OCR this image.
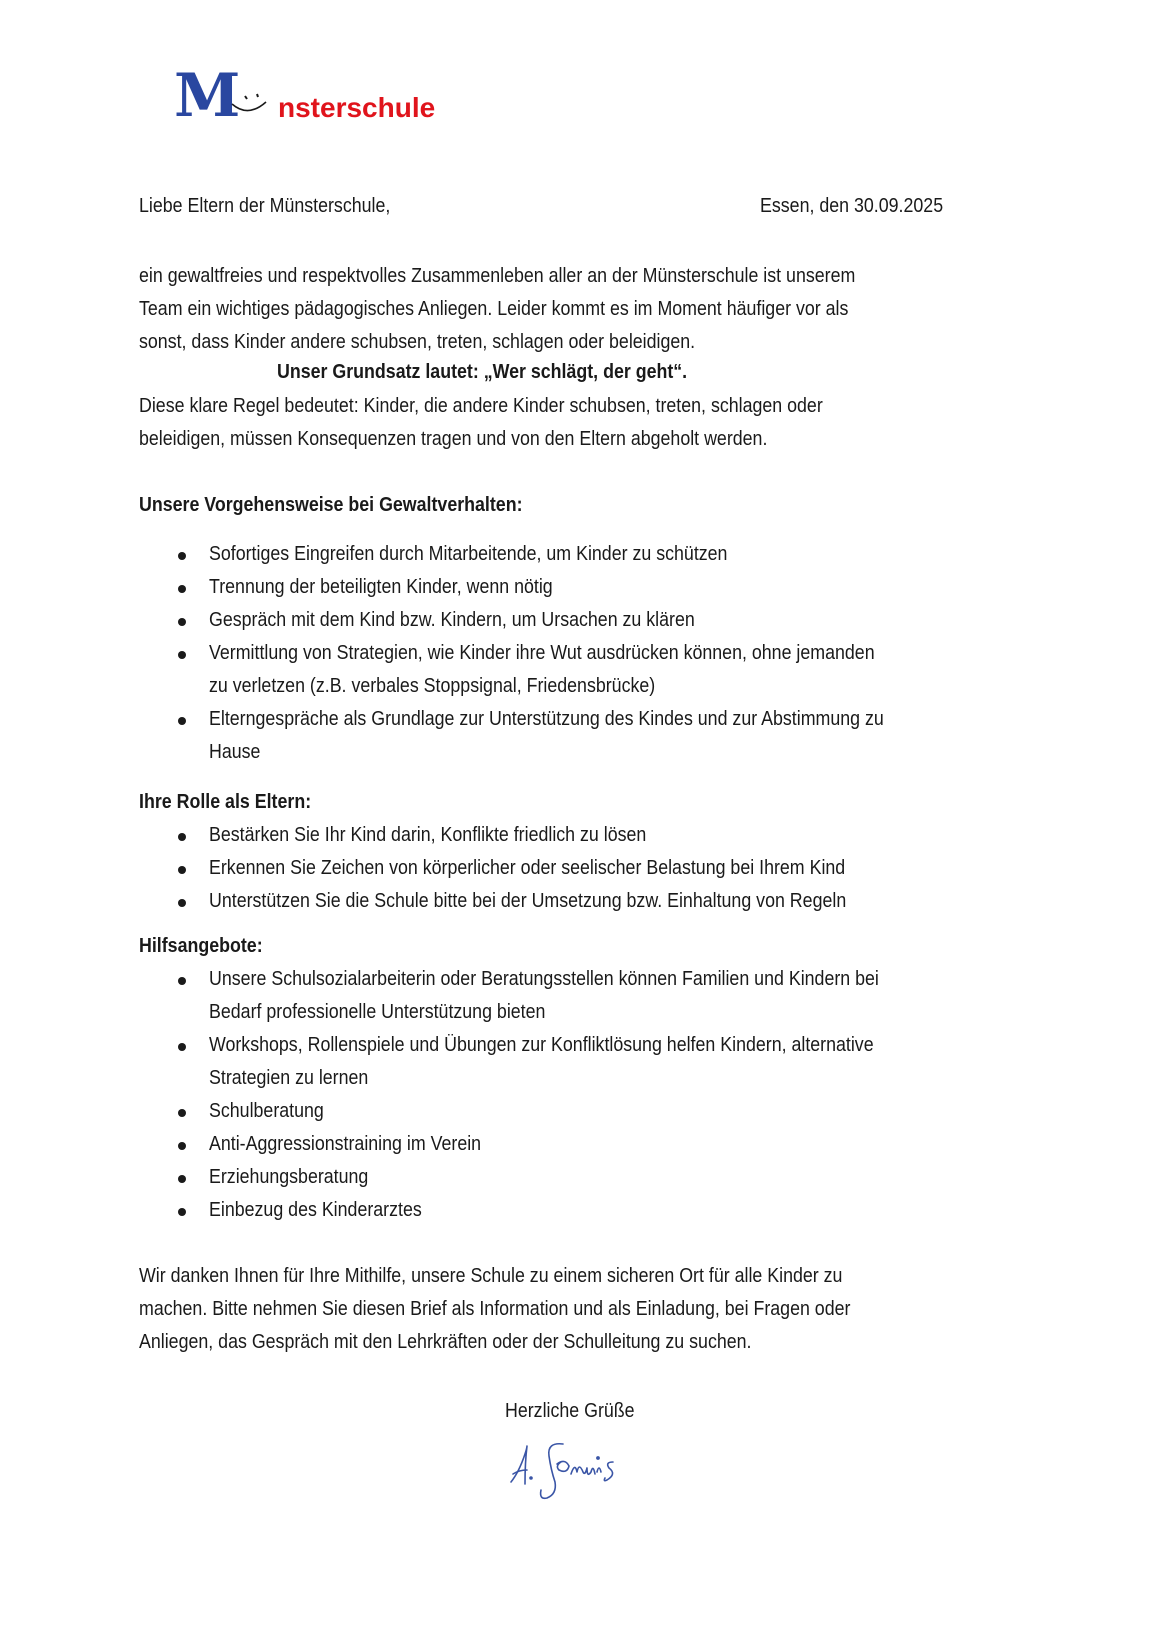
M nsterschule
Liebe Eltern der Münsterschule,	Essen, den 30.09.2025
ein gewaltfreies und respektvolles Zusammenleben aller an der Münsterschule ist unserem
Team ein wichtiges pädagogisches Anliegen. Leider kommt es im Moment häufiger vor als
sonst, dass Kinder andere schubsen, treten, schlagen oder beleidigen.
Unser Grundsatz lautet: „Wer schlägt, der geht“.
Diese klare Regel bedeutet: Kinder, die andere Kinder schubsen, treten, schlagen oder
beleidigen, müssen Konsequenzen tragen und von den Eltern abgeholt werden.
Unsere Vorgehensweise bei Gewaltverhalten:
Sofortiges Eingreifen durch Mitarbeitende, um Kinder zu schützen
Trennung der beteiligten Kinder, wenn nötig
Gespräch mit dem Kind bzw. Kindern, um Ursachen zu klären
Vermittlung von Strategien, wie Kinder ihre Wut ausdrücken können, ohne jemanden
zu verletzen (z.B. verbales Stoppsignal, Friedensbrücke)
Elterngespräche als Grundlage zur Unterstützung des Kindes und zur Abstimmung zu
Hause
Ihre Rolle als Eltern:
Bestärken Sie Ihr Kind darin, Konflikte friedlich zu lösen
Erkennen Sie Zeichen von körperlicher oder seelischer Belastung bei Ihrem Kind
Unterstützen Sie die Schule bitte bei der Umsetzung bzw. Einhaltung von Regeln
Hilfsangebote:
Unsere Schulsozialarbeiterin oder Beratungsstellen können Familien und Kindern bei
Bedarf professionelle Unterstützung bieten
Workshops, Rollenspiele und Übungen zur Konfliktlösung helfen Kindern, alternative
Strategien zu lernen
Schulberatung
Anti-Aggressionstraining im Verein
Erziehungsberatung
Einbezug des Kinderarztes
Wir danken Ihnen für Ihre Mithilfe, unsere Schule zu einem sicheren Ort für alle Kinder zu
machen. Bitte nehmen Sie diesen Brief als Information und als Einladung, bei Fragen oder
Anliegen, das Gespräch mit den Lehrkräften oder der Schulleitung zu suchen.
Herzliche Grüße
